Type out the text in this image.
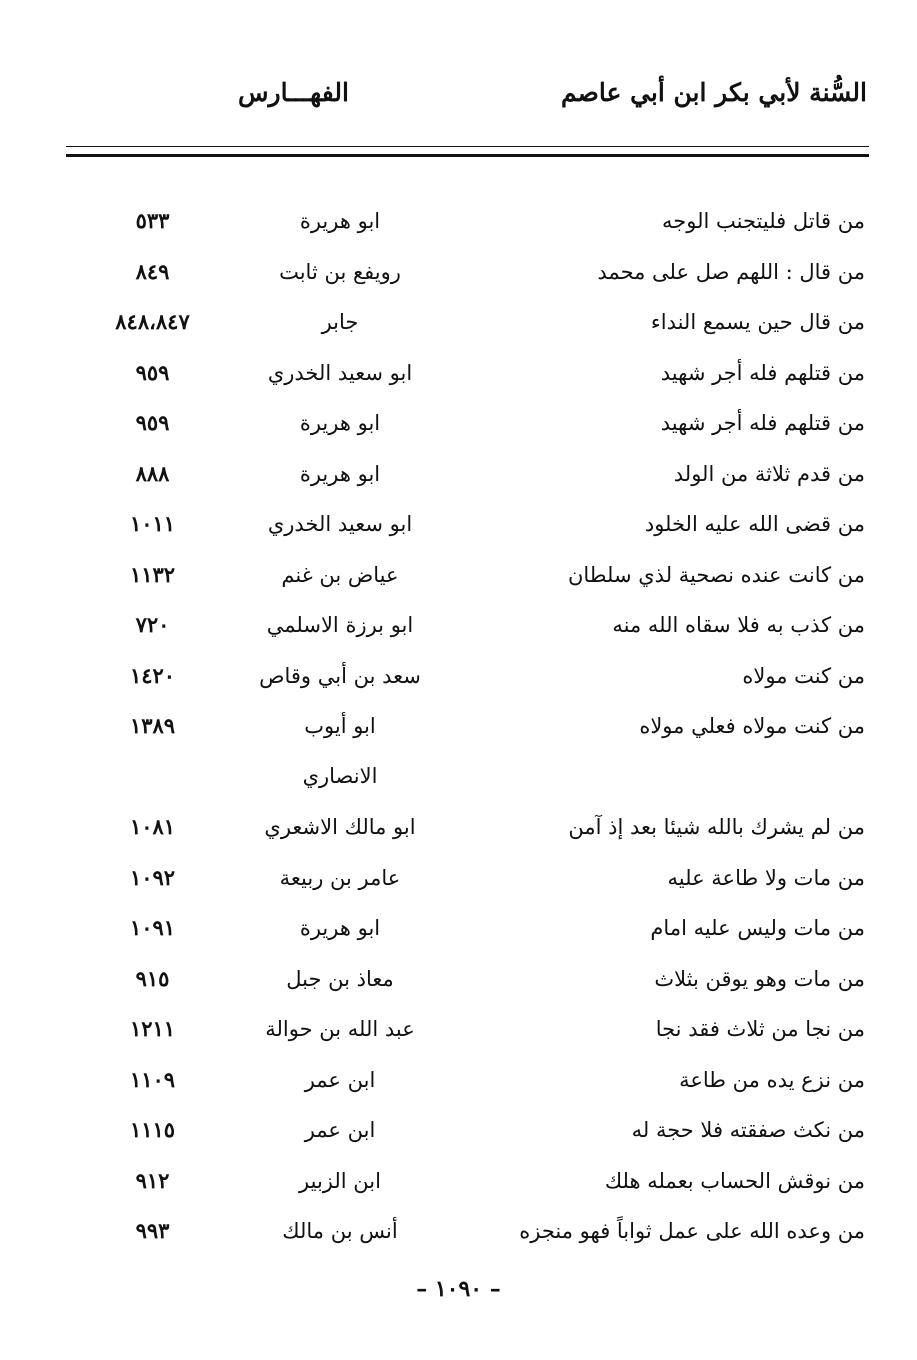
السُّنة لأبي بكر ابن أبي عاصم
الفهـــارس
من قاتل فليتجنب الوجه
ابو هريرة
٥٣٣
من قال : اللهم صل على محمد
رويفع بن ثابت
٨٤٩
من قال حين يسمع النداء
جابر
٨٤٨،٨٤٧
من قتلهم فله أجر شهيد
ابو سعيد الخدري
٩٥٩
من قتلهم فله أجر شهيد
ابو هريرة
٩٥٩
من قدم ثلاثة من الولد
ابو هريرة
٨٨٨
من قضى الله عليه الخلود
ابو سعيد الخدري
١٠١١
من كانت عنده نصحية لذي سلطان
عياض بن غنم
١١٣٢
من كذب به فلا سقاه الله منه
ابو برزة الاسلمي
٧٢٠
من كنت مولاه
سعد بن أبي وقاص
١٤٢٠
من كنت مولاه فعلي مولاه
ابو أيوب
الانصاري
١٣٨٩
من لم يشرك بالله شيئا بعد إذ آمن
ابو مالك الاشعري
١٠٨١
من مات ولا طاعة عليه
عامر بن ربيعة
١٠٩٢
من مات وليس عليه امام
ابو هريرة
١٠٩١
من مات وهو يوقن بثلاث
معاذ بن جبل
٩١٥
من نجا من ثلاث فقد نجا
عبد الله بن حوالة
١٢١١
من نزع يده من طاعة
ابن عمر
١١٠٩
من نكث صفقته فلا حجة له
ابن عمر
١١١٥
من نوقش الحساب بعمله هلك
ابن الزبير
٩١٢
من وعده الله على عمل ثواباً فهو منجزه
أنس بن مالك
٩٩٣
– ١٠٩٠ –
